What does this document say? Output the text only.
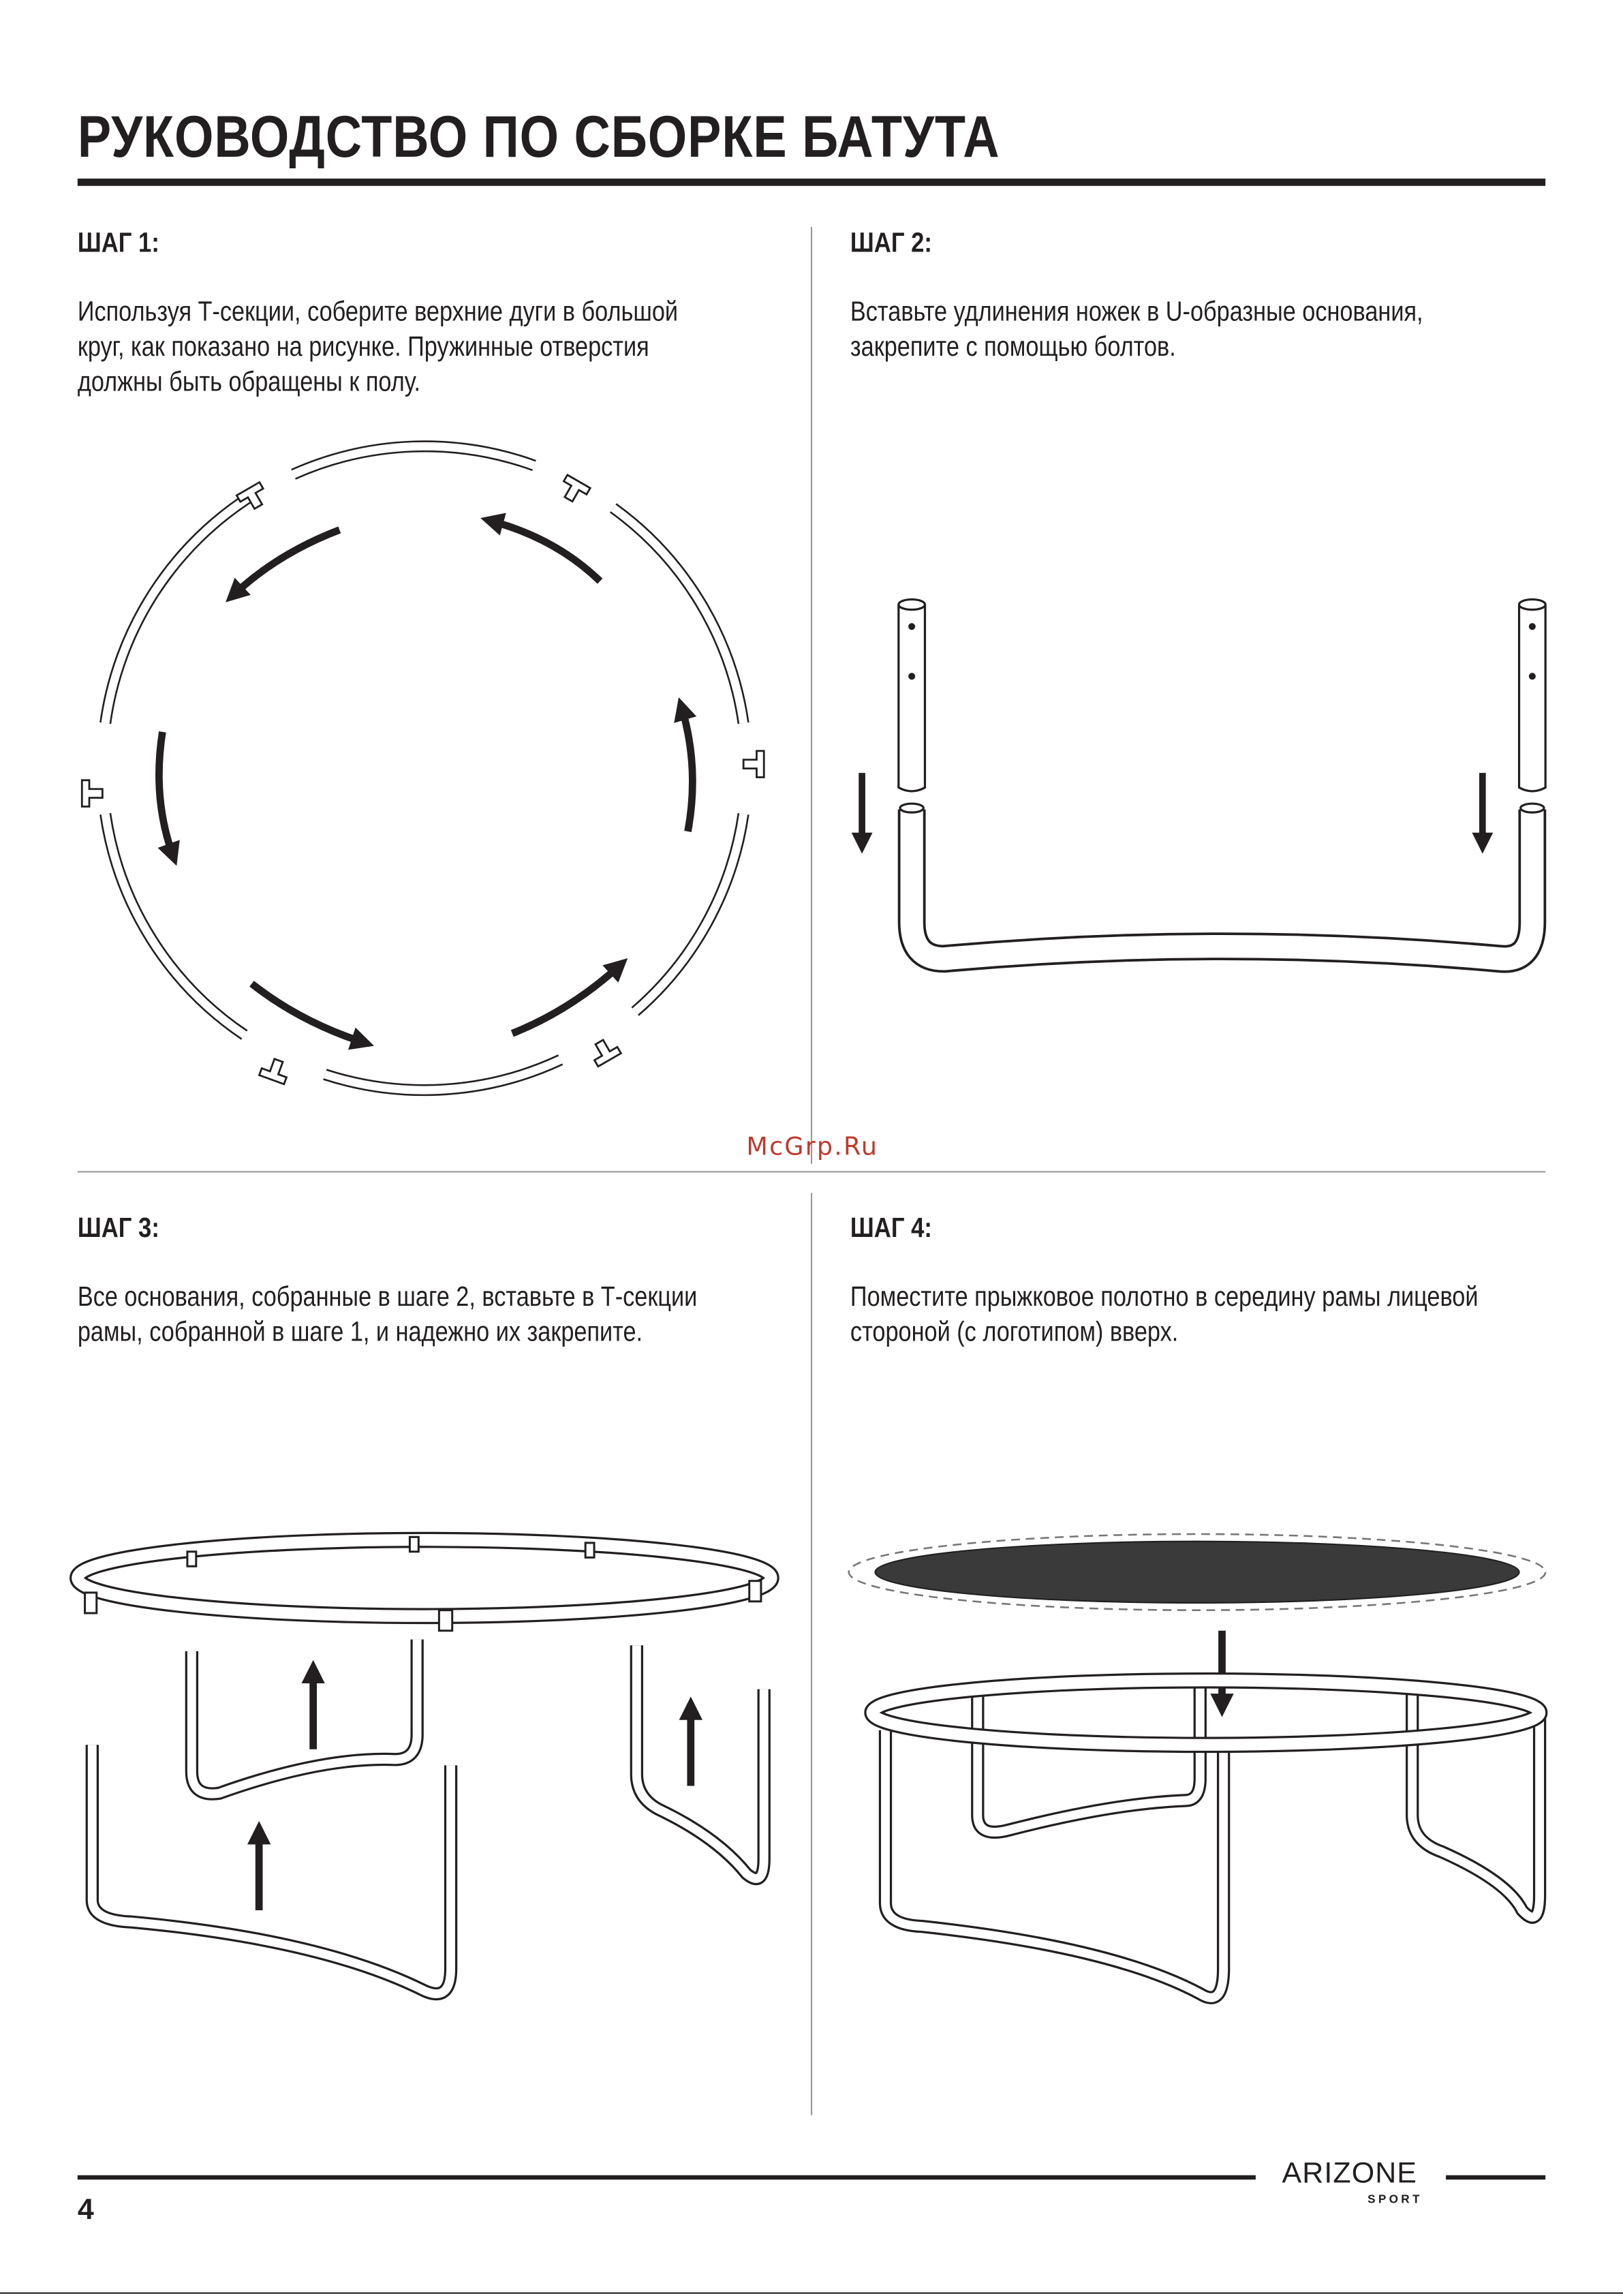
РУКОВОДСТВО ПО СБОРКЕ БАТУТА
ШАГ 1:
Используя Т-секции, соберите верхние дуги в большой
круг, как показано на рисунке. Пружинные отверстия
должны быть обращены к полу.
ШАГ 2:
Вставьте удлинения ножек в U-образные основания,
закрепите с помощью болтов.
ШАГ 3:
Все основания, собранные в шаге 2, вставьте в Т-секции
рамы, собранной в шаге 1, и надежно их закрепите.
ШАГ 4:
Поместите прыжковое полотно в середину рамы лицевой
стороной (с логотипом) вверх.
McGrp.Ru
ARIZONE
SPORT
4
